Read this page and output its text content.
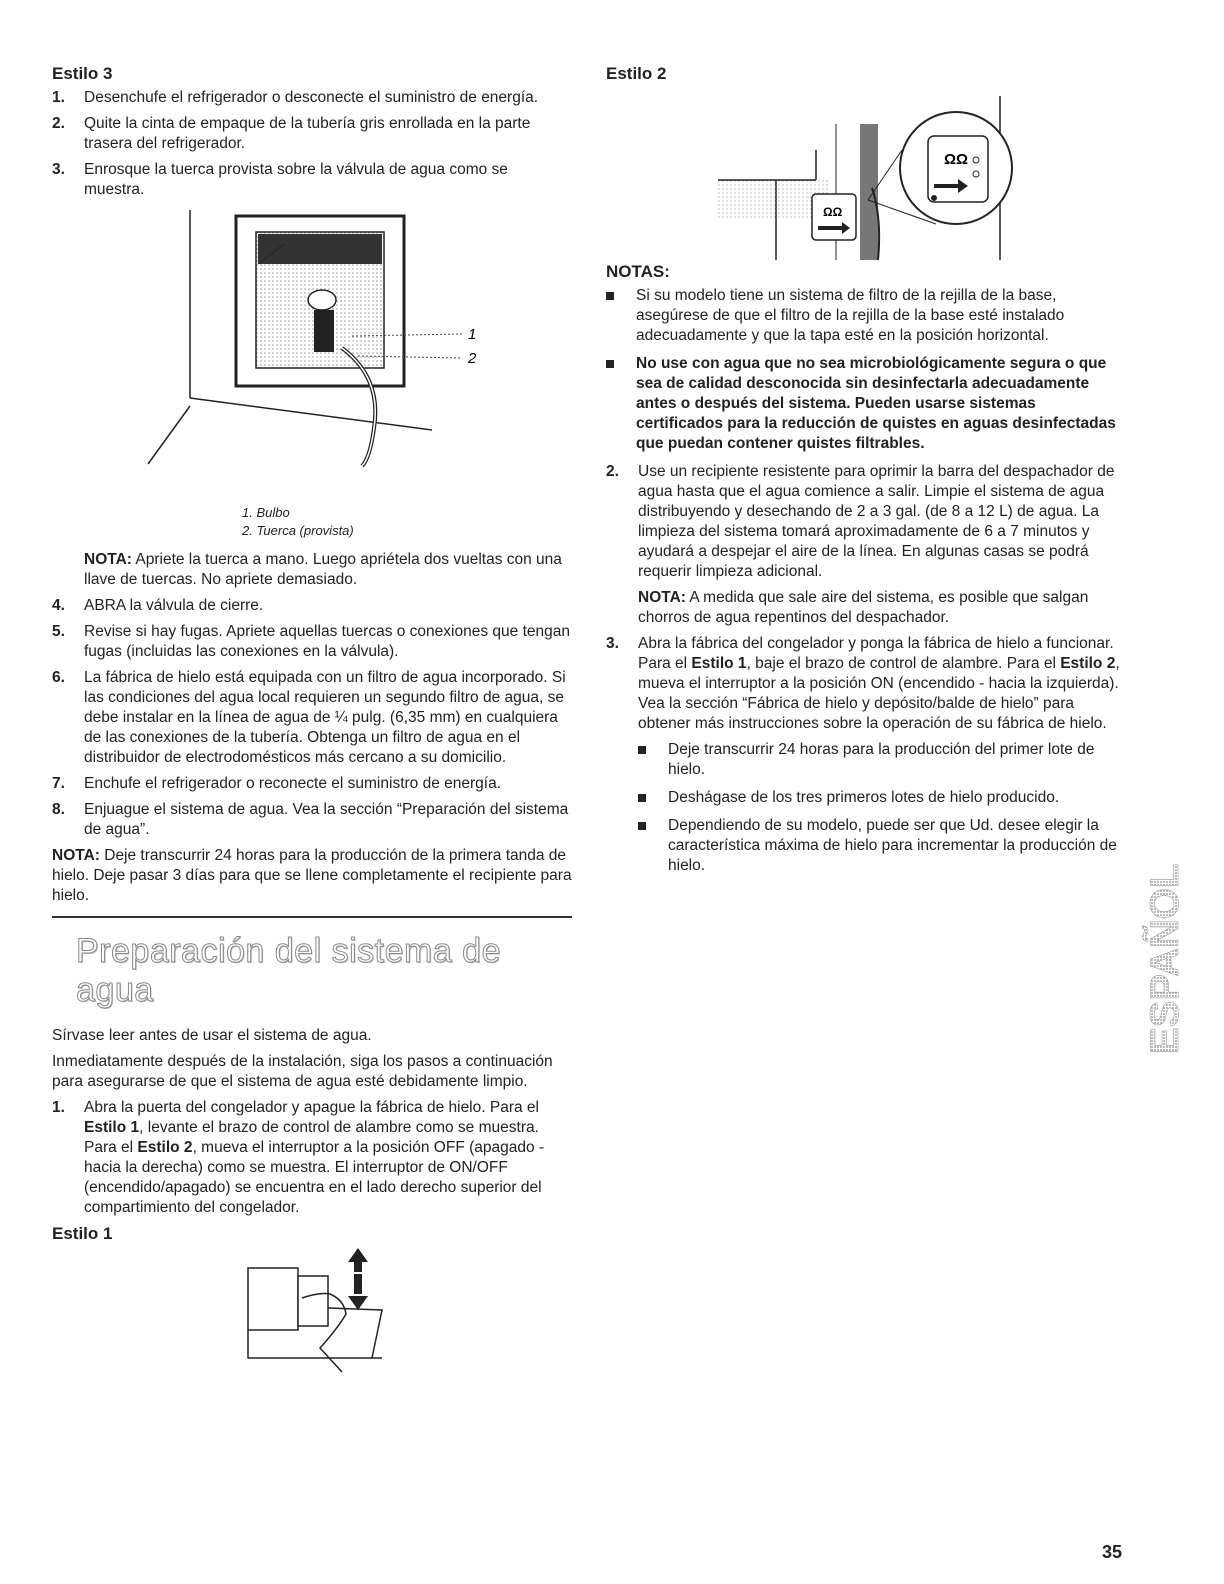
Estilo 3
1.	Desenchufe el refrigerador o desconecte el suministro de energía.
2.	Quite la cinta de empaque de la tubería gris enrollada en la parte trasera del refrigerador.
3.	Enrosque la tuerca provista sobre la válvula de agua como se muestra.
1
2
1. Bulbo
2. Tuerca (provista)

NOTA: Apriete la tuerca a mano. Luego apriétela dos vueltas con una llave de tuercas. No apriete demasiado.

4.	ABRA la válvula de cierre.
5.	Revise si hay fugas. Apriete aquellas tuercas o conexiones que tengan fugas (incluidas las conexiones en la válvula).
6.	La fábrica de hielo está equipada con un filtro de agua incorporado. Si las condiciones del agua local requieren un segundo filtro de agua, se debe instalar en la línea de agua de ¼ pulg. (6,35 mm) en cualquiera de las conexiones de la tubería. Obtenga un filtro de agua en el distribuidor de electrodomésticos más cercano a su domicilio.
7.	Enchufe el refrigerador o reconecte el suministro de energía.
8.	Enjuague el sistema de agua. Vea la sección “Preparación del sistema de agua”.

NOTA: Deje transcurrir 24 horas para la producción de la primera tanda de hielo. Deje pasar 3 días para que se llene completamente el recipiente para hielo.

Preparación del sistema de agua

Sírvase leer antes de usar el sistema de agua.

Inmediatamente después de la instalación, siga los pasos a continuación para asegurarse de que el sistema de agua esté debidamente limpio.

1.	Abra la puerta del congelador y apague la fábrica de hielo. Para el Estilo 1, levante el brazo de control de alambre como se muestra. Para el Estilo 2, mueva el interruptor a la posición OFF (apagado - hacia la derecha) como se muestra. El interruptor de ON/OFF (encendido/apagado) se encuentra en el lado derecho superior del compartimiento del congelador.
Estilo 1
Estilo 2
ΩΩ
ΩΩ
NOTAS:
Si su modelo tiene un sistema de filtro de la rejilla de la base, asegúrese de que el filtro de la rejilla de la base esté instalado adecuadamente y que la tapa esté en la posición horizontal.
No use con agua que no sea microbiológicamente segura o que sea de calidad desconocida sin desinfectarla adecuadamente antes o después del sistema. Pueden usarse sistemas certificados para la reducción de quistes en aguas desinfectadas que puedan contener quistes filtrables.
2.	Use un recipiente resistente para oprimir la barra del despachador de agua hasta que el agua comience a salir. Limpie el sistema de agua distribuyendo y desechando de 2 a 3 gal. (de 8 a 12 L) de agua. La limpieza del sistema tomará aproximadamente de 6 a 7 minutos y ayudará a despejar el aire de la línea. En algunas casas se podrá requerir limpieza adicional.

NOTA: A medida que sale aire del sistema, es posible que salgan chorros de agua repentinos del despachador.

3.	Abra la fábrica del congelador y ponga la fábrica de hielo a funcionar. Para el Estilo 1, baje el brazo de control de alambre. Para el Estilo 2, mueva el interruptor a la posición ON (encendido - hacia la izquierda). Vea la sección “Fábrica de hielo y depósito/balde de hielo” para obtener más instrucciones sobre la operación de su fábrica de hielo.
Deje transcurrir 24 horas para la producción del primer lote de hielo.
Deshágase de los tres primeros lotes de hielo producido.
Dependiendo de su modelo, puede ser que Ud. desee elegir la característica máxima de hielo para incrementar la producción de hielo.	ESPAÑOL
35
